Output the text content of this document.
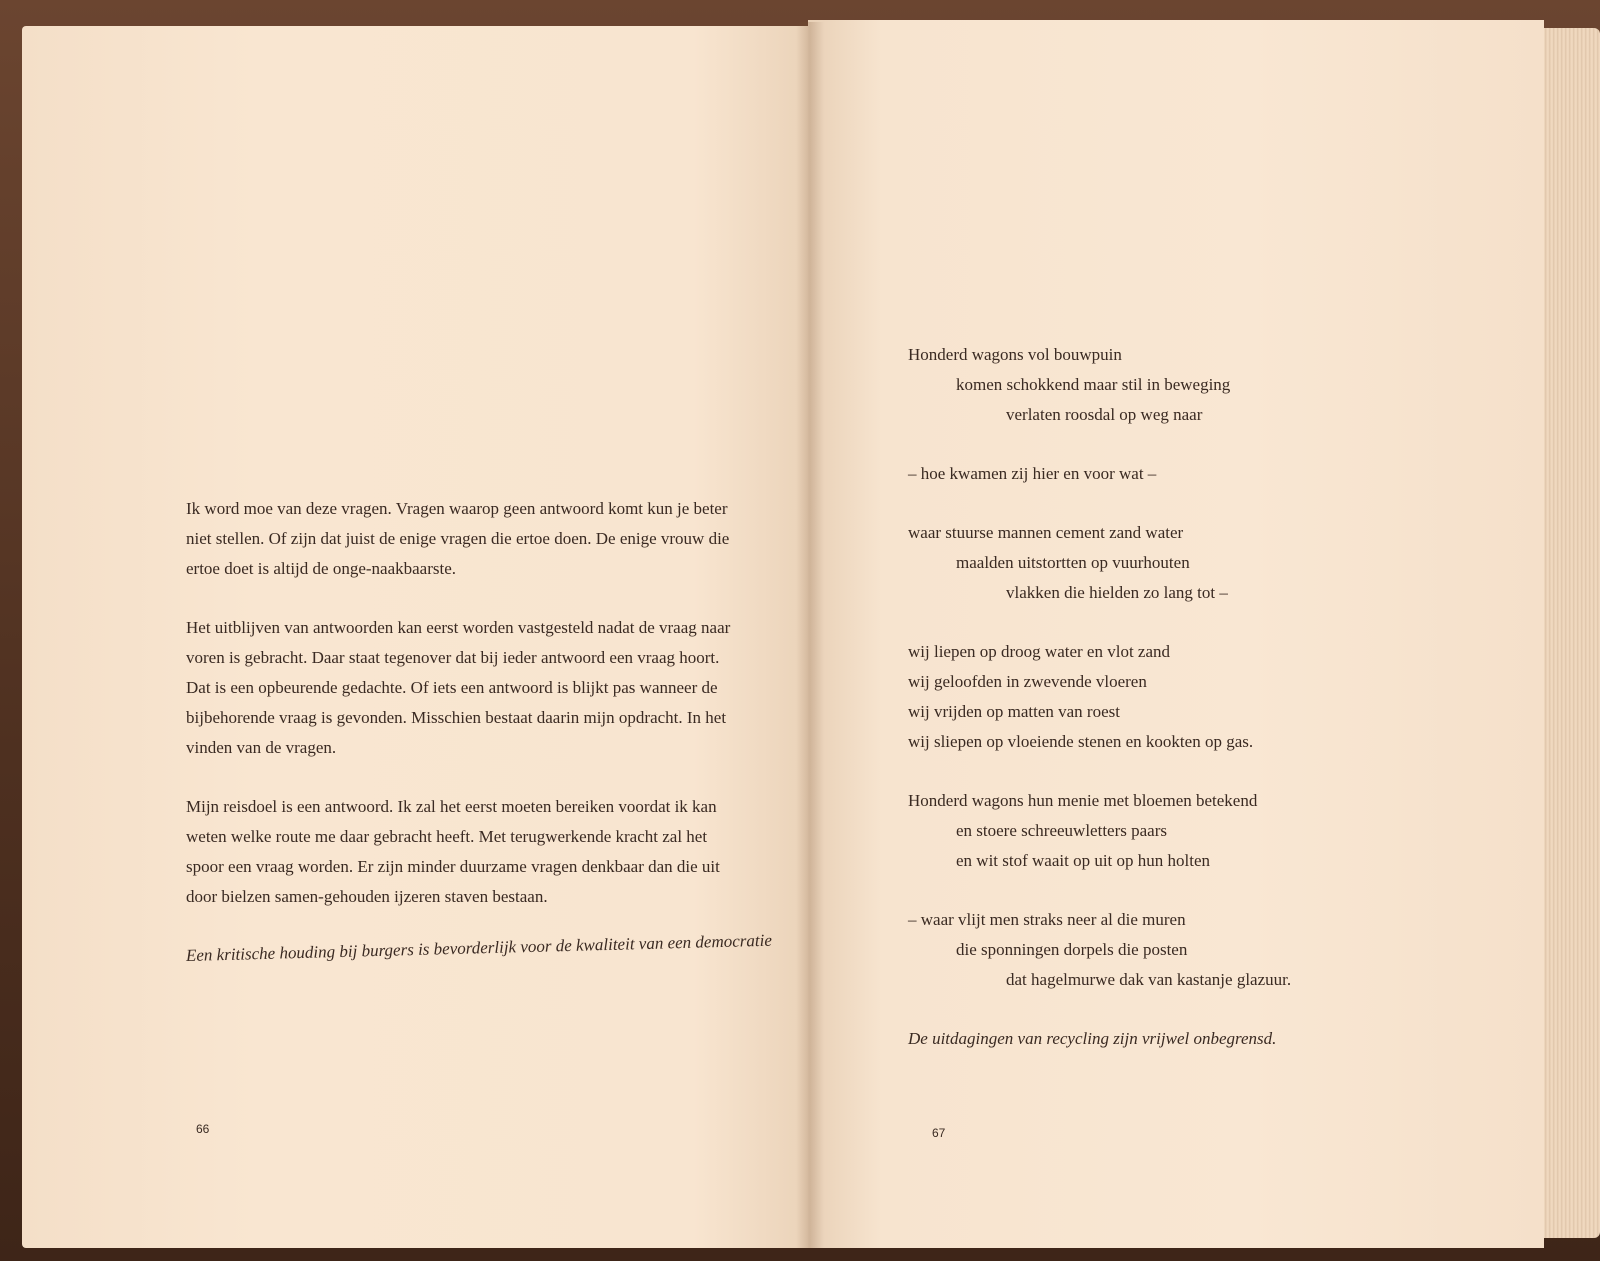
Ik word moe van deze vragen. Vragen waarop geen antwoord komt kun je beter niet stellen. Of zijn dat juist de enige vragen die ertoe doen. De enige vrouw die ertoe doet is altijd de onge-naakbaarste.

Het uitblijven van antwoorden kan eerst worden vastgesteld nadat de vraag naar voren is gebracht. Daar staat tegenover dat bij ieder antwoord een vraag hoort. Dat is een opbeurende gedachte. Of iets een antwoord is blijkt pas wanneer de bijbehorende vraag is gevonden. Misschien bestaat daarin mijn opdracht. In het vinden van de vragen.

Mijn reisdoel is een antwoord. Ik zal het eerst moeten bereiken voordat ik kan weten welke route me daar gebracht heeft. Met terugwerkende kracht zal het spoor een vraag worden. Er zijn minder duurzame vragen denkbaar dan die uit door bielzen samen-gehouden ijzeren staven bestaan.

Een kritische houding bij burgers is bevorderlijk voor de kwaliteit van een democratie
Honderd wagons vol bouwpuin
komen schokkend maar stil in beweging
verlaten roosdal op weg naar
– hoe kwamen zij hier en voor wat –
waar stuurse mannen cement zand water
maalden uitstortten op vuurhouten
vlakken die hielden zo lang tot –
wij liepen op droog water en vlot zand
wij geloofden in zwevende vloeren
wij vrijden op matten van roest
wij sliepen op vloeiende stenen en kookten op gas.
Honderd wagons hun menie met bloemen betekend
en stoere schreeuwletters paars
en wit stof waait op uit op hun holten
– waar vlijt men straks neer al die muren
die sponningen dorpels die posten
dat hagelmurwe dak van kastanje glazuur.
De uitdagingen van recycling zijn vrijwel onbegrensd.
66	67
